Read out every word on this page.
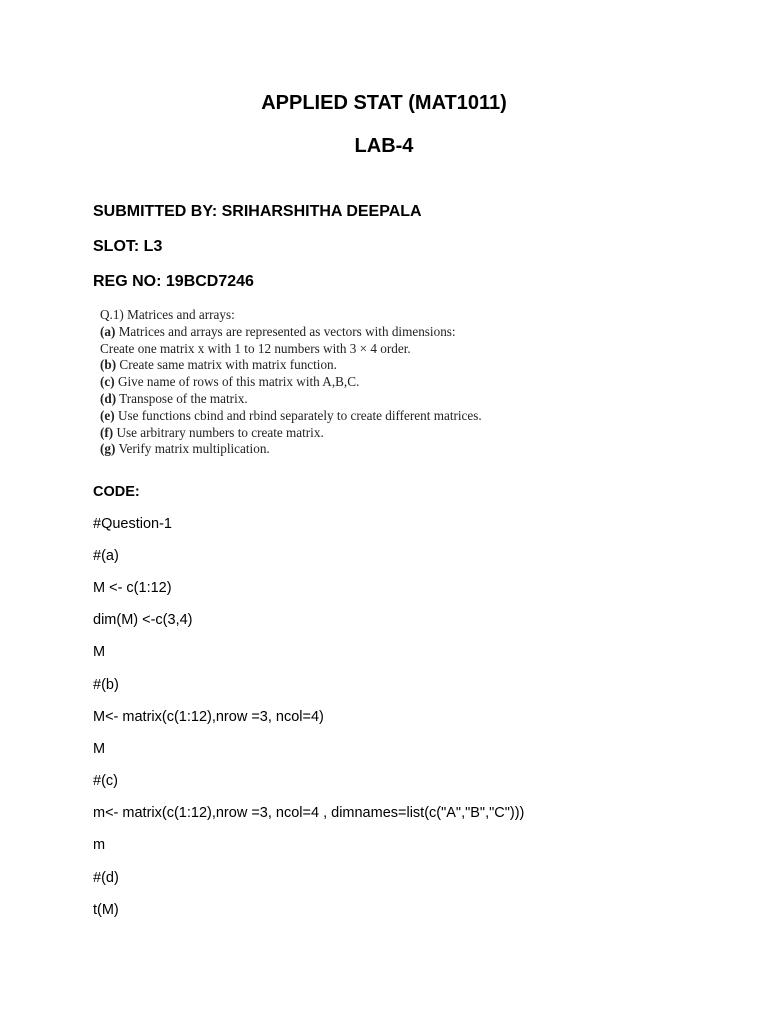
APPLIED STAT (MAT1011)
LAB-4

SUBMITTED BY: SRIHARSHITHA DEEPALA

SLOT: L3

REG NO: 19BCD7246

Q.1) Matrices and arrays:

(a) Matrices and arrays are represented as vectors with dimensions:

Create one matrix x with 1 to 12 numbers with 3 × 4 order.

(b) Create same matrix with matrix function.

(c) Give name of rows of this matrix with A,B,C.

(d) Transpose of the matrix.

(e) Use functions cbind and rbind separately to create different matrices.

(f) Use arbitrary numbers to create matrix.

(g) Verify matrix multiplication.

CODE:

#Question-1

#(a)

M <- c(1:12)

dim(M) <-c(3,4)

M

#(b)

M<- matrix(c(1:12),nrow =3, ncol=4)

M

#(c)

m<- matrix(c(1:12),nrow =3, ncol=4 , dimnames=list(c("A","B","C")))

m

#(d)

t(M)
